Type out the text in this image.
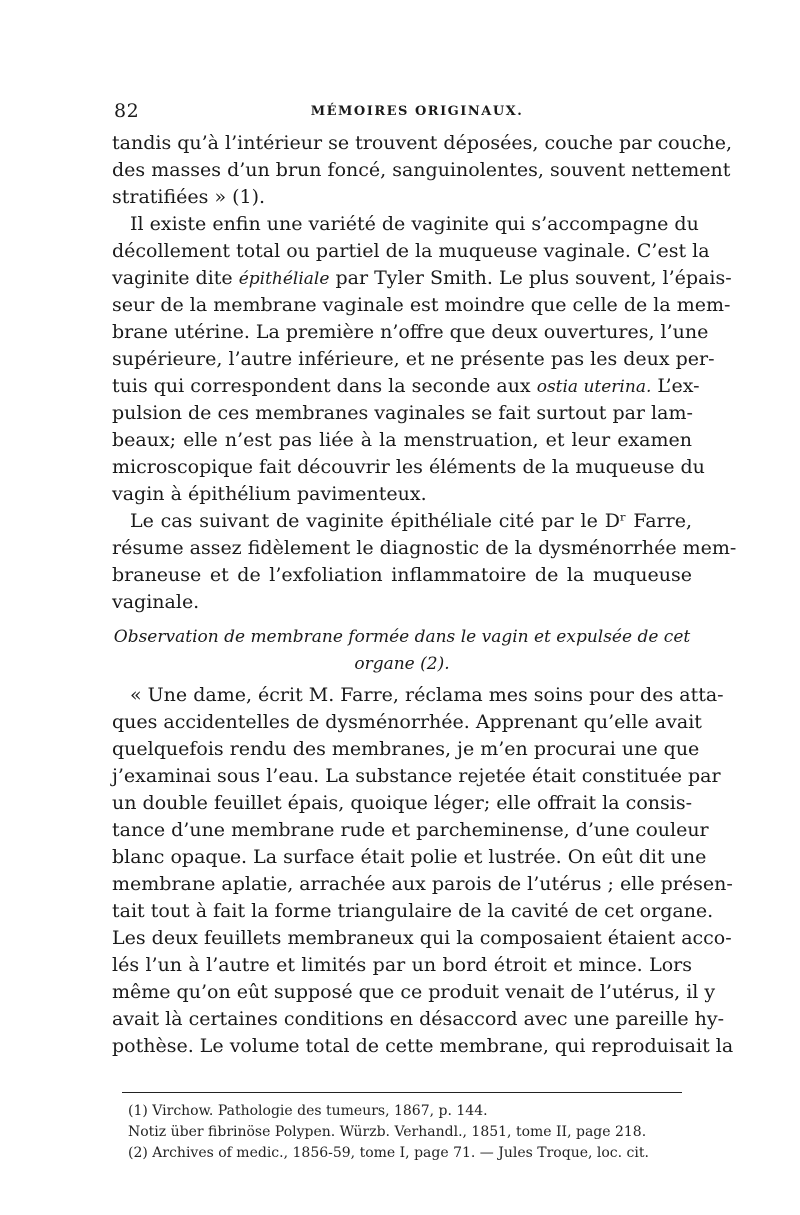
82	MÉMOIRES ORIGINAUX.
tandis qu’à l’intérieur se trouvent déposées, couche par couche,
des masses d’un brun foncé, sanguinolentes, souvent nettement
stratifiées » (1).
Il existe enfin une variété de vaginite qui s’accompagne du
décollement total ou partiel de la muqueuse vaginale. C’est la
vaginite dite épithéliale par Tyler Smith. Le plus souvent, l’épais-
seur de la membrane vaginale est moindre que celle de la mem-
brane utérine. La première n’offre que deux ouvertures, l’une
supérieure, l’autre inférieure, et ne présente pas les deux per-
tuis qui correspondent dans la seconde aux ostia uterina. L’ex-
pulsion de ces membranes vaginales se fait surtout par lam-
beaux; elle n’est pas liée à la menstruation, et leur examen
microscopique fait découvrir les éléments de la muqueuse du
vagin à épithélium pavimenteux.
Le cas suivant de vaginite épithéliale cité par le Dʳ Farre,
résume assez fidèlement le diagnostic de la dysménorrhée mem-
braneuse et de l’exfoliation inflammatoire de la muqueuse
vaginale.
Observation de membrane formée dans le vagin et expulsée de cet
organe (2).
« Une dame, écrit M. Farre, réclama mes soins pour des atta-
ques accidentelles de dysménorrhée. Apprenant qu’elle avait
quelquefois rendu des membranes, je m’en procurai une que
j’examinai sous l’eau. La substance rejetée était constituée par
un double feuillet épais, quoique léger; elle offrait la consis-
tance d’une membrane rude et parcheminense, d’une couleur
blanc opaque. La surface était polie et lustrée. On eût dit une
membrane aplatie, arrachée aux parois de l’utérus ; elle présen-
tait tout à fait la forme triangulaire de la cavité de cet organe.
Les deux feuillets membraneux qui la composaient étaient acco-
lés l’un à l’autre et limités par un bord étroit et mince. Lors
même qu’on eût supposé que ce produit venait de l’utérus, il y
avait là certaines conditions en désaccord avec une pareille hy-
pothèse. Le volume total de cette membrane, qui reproduisait la
(1) Virchow. Pathologie des tumeurs, 1867, p. 144.
Notiz über fibrinöse Polypen. Würzb. Verhandl., 1851, tome II, page 218.
(2) Archives of medic., 1856-59, tome I, page 71. — Jules Troque, loc. cit.
